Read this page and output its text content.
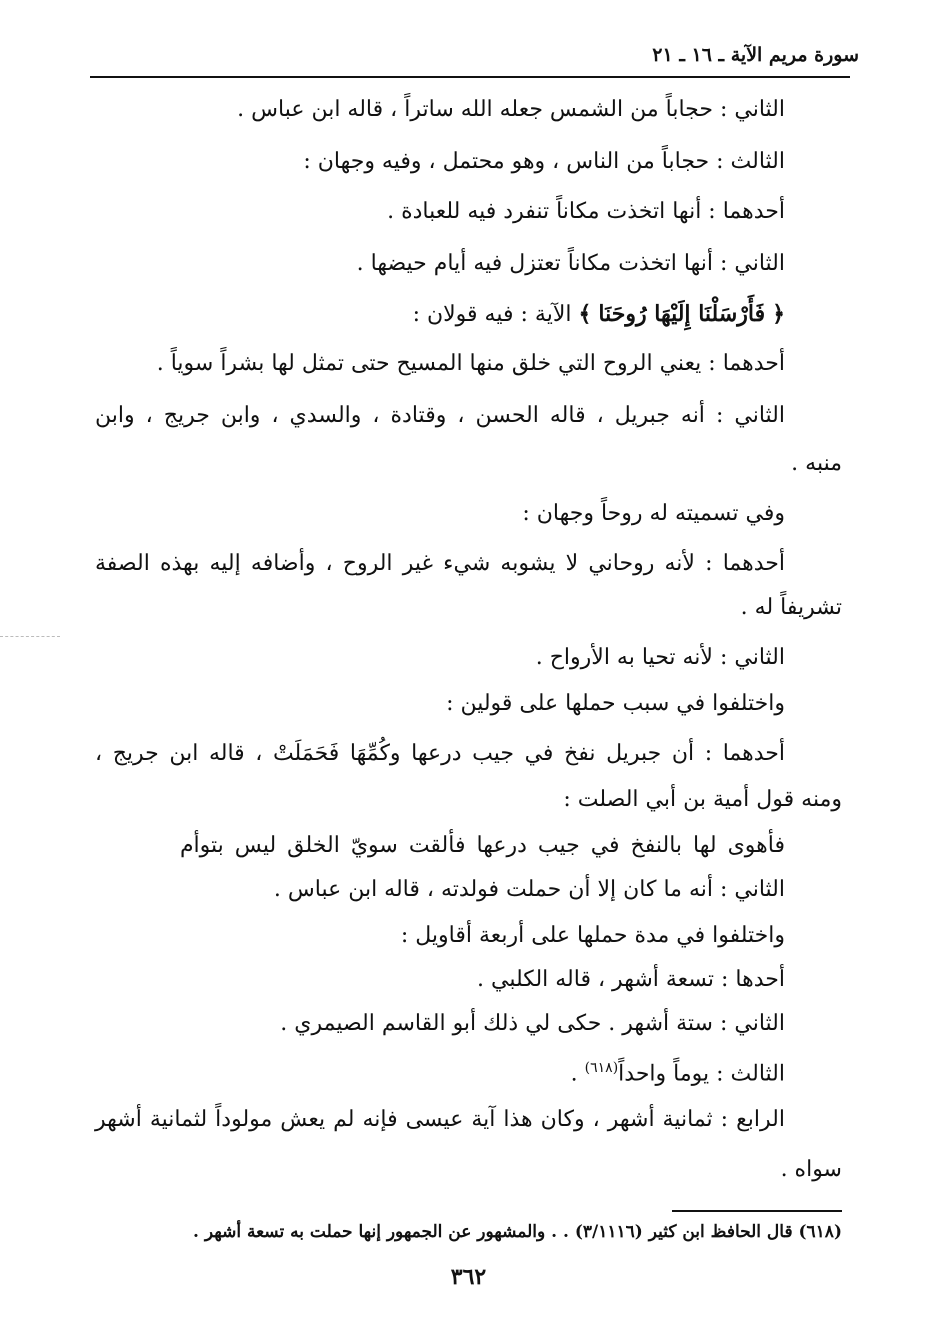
سورة مريم الآية ـ ١٦ ـ ٢١
الثاني : حجاباً من الشمس جعله الله ساتراً ، قاله ابن عباس .
الثالث : حجاباً من الناس ، وهو محتمل ، وفيه وجهان :
أحدهما : أنها اتخذت مكاناً تنفرد فيه للعبادة .
الثاني : أنها اتخذت مكاناً تعتزل فيه أيام حيضها .
﴿ فَأَرْسَلْنَا إِلَيْهَا رُوحَنَا ﴾ الآية : فيه قولان :
أحدهما : يعني الروح التي خلق منها المسيح حتى تمثل لها بشراً سوياً .
الثاني : أنه جبريل ، قاله الحسن ، وقتادة ، والسدي ، وابن جريج ، وابن
منبه .
وفي تسميته له روحاً وجهان :
أحدهما : لأنه روحاني لا يشوبه شيء غير الروح ، وأضافه إليه بهذه الصفة
تشريفاً له .
الثاني : لأنه تحيا به الأرواح .
واختلفوا في سبب حملها على قولين :
أحدهما : أن جبريل نفخ في جيب درعها وكُمِّهَا فَحَمَلَتْ ، قاله ابن جريج ،
ومنه قول أمية بن أبي الصلت :
فأهوى لها بالنفخ في جيب درعها فألقت سويّ الخلق ليس بتوأم
الثاني : أنه ما كان إلا أن حملت فولدته ، قاله ابن عباس .
واختلفوا في مدة حملها على أربعة أقاويل :
أحدها : تسعة أشهر ، قاله الكلبي .
الثاني : ستة أشهر . حكى لي ذلك أبو القاسم الصيمري .
الثالث : يوماً واحداً$^{(٦١٨)}$ .
الرابع : ثمانية أشهر ، وكان هذا آية عيسى فإنه لم يعش مولوداً لثمانية أشهر
سواه .
(٦١٨) قال الحافظ ابن كثير (٣/١١١٦) . . والمشهور عن الجمهور إنها حملت به تسعة أشهر .
٣٦٢
